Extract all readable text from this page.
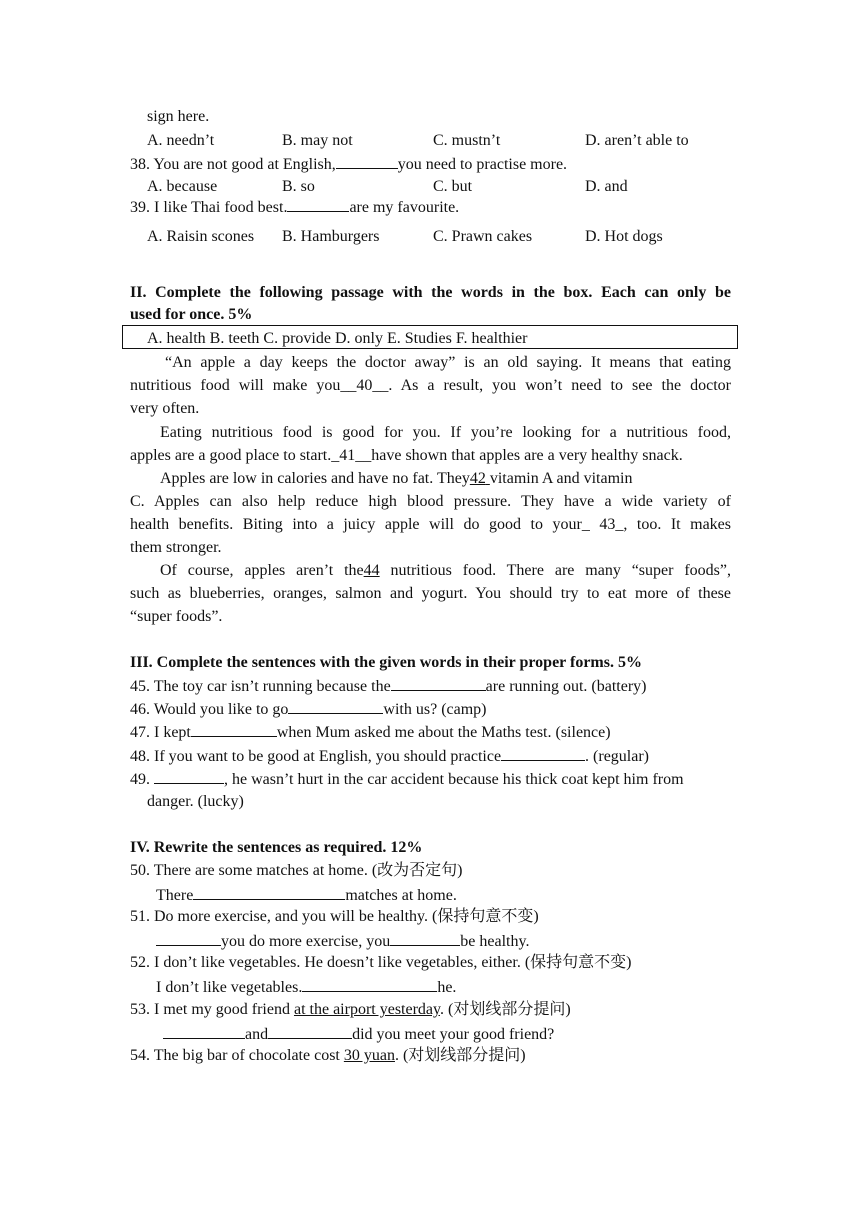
sign here.
A. needn’t	B. may not	C. mustn’t	D. aren’t able to
38. You are not good at English,	you need to practise more.
A. because	B. so	C. but	D. and
39. I like Thai food best.	are my favourite.
A. Raisin scones B. Hamburgers	C. Prawn cakes	D. Hot dogs
II. Complete the following passage with the words in the box. Each can only be
used for once. 5%
A. health B. teeth C. provide D. only E. Studies F. healthier
“An apple a day keeps the doctor away” is an old saying. It means that eating
nutritious food will make you__40__. As a result, you won’t need to see the doctor
very often.
Eating nutritious food is good for you. If you’re looking for a nutritious food,
apples are a good place to start._41__have shown that apples are a very healthy snack.
Apples are low in calories and have no fat. They42 vitamin A and vitamin
C. Apples can also help reduce high blood pressure. They have a wide variety of
health benefits. Biting into a juicy apple will do good to your_ 43_, too. It makes
them stronger.
Of course, apples aren’t the44 nutritious food. There are many “super foods”,
such as blueberries, oranges, salmon and yogurt. You should try to eat more of these
“super foods”.
III. Complete the sentences with the given words in their proper forms. 5%
45. The toy car isn’t running because the	are running out. (battery)
46. Would you like to go	with us? (camp)
47. I kept	when Mum asked me about the Maths test. (silence)
48. If you want to be good at English, you should practice	. (regular)
49.	, he wasn’t hurt in the car accident because his thick coat kept him from
danger. (lucky)
IV. Rewrite the sentences as required. 12%
50. There are some matches at home. (改为否定句)
There	matches at home.
51. Do more exercise, and you will be healthy. (保持句意不变)
you do more exercise, you	be healthy.
52. I don’t like vegetables. He doesn’t like vegetables, either. (保持句意不变)
I don’t like vegetables.	he.
53. I met my good friend at the airport yesterday. (对划线部分提问)
and	did you meet your good friend?
54. The big bar of chocolate cost 30 yuan. (对划线部分提问)
